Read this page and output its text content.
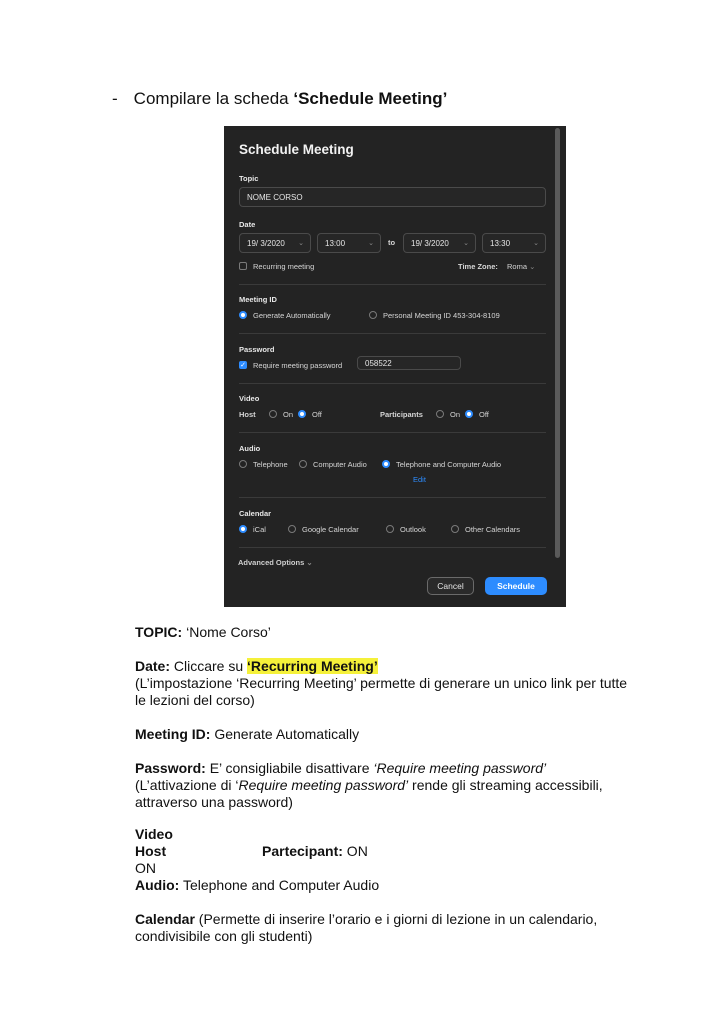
- Compilare la scheda ‘Schedule Meeting’
Schedule Meeting
Topic
NOME CORSO
Date
19/ 3/2020 ⌄	13:00	⌄ to 19/ 3/2020 ⌄	13:30	⌄
Recurring meeting	Time Zone: Roma ⌄
Meeting ID
Generate Automatically	Personal Meeting ID 453-304-8109
Password
✓ Require meeting password	058522
Video
Host	On	Off	Participants	On	Off
Audio
Telephone	Computer Audio	Telephone and Computer Audio
Edit
Calendar
iCal	Google Calendar	Outlook	Other Calendars
Advanced Options ⌄
Cancel	Schedule
TOPIC: ‘Nome Corso’
Date: Cliccare su ‘Recurring Meeting’
(L’impostazione ‘Recurring Meeting’ permette di generare un unico link per tutte
le lezioni del corso)
Meeting ID: Generate Automatically
Password: E’ consigliabile disattivare ‘Require meeting password’
(L’attivazione di ‘Require meeting password’ rende gli streaming accessibili,
attraverso una password)
Video
Host ON
Partecipant: ON
Audio: Telephone and Computer Audio
Calendar (Permette di inserire l’orario e i giorni di lezione in un calendario,
condivisibile con gli studenti)
